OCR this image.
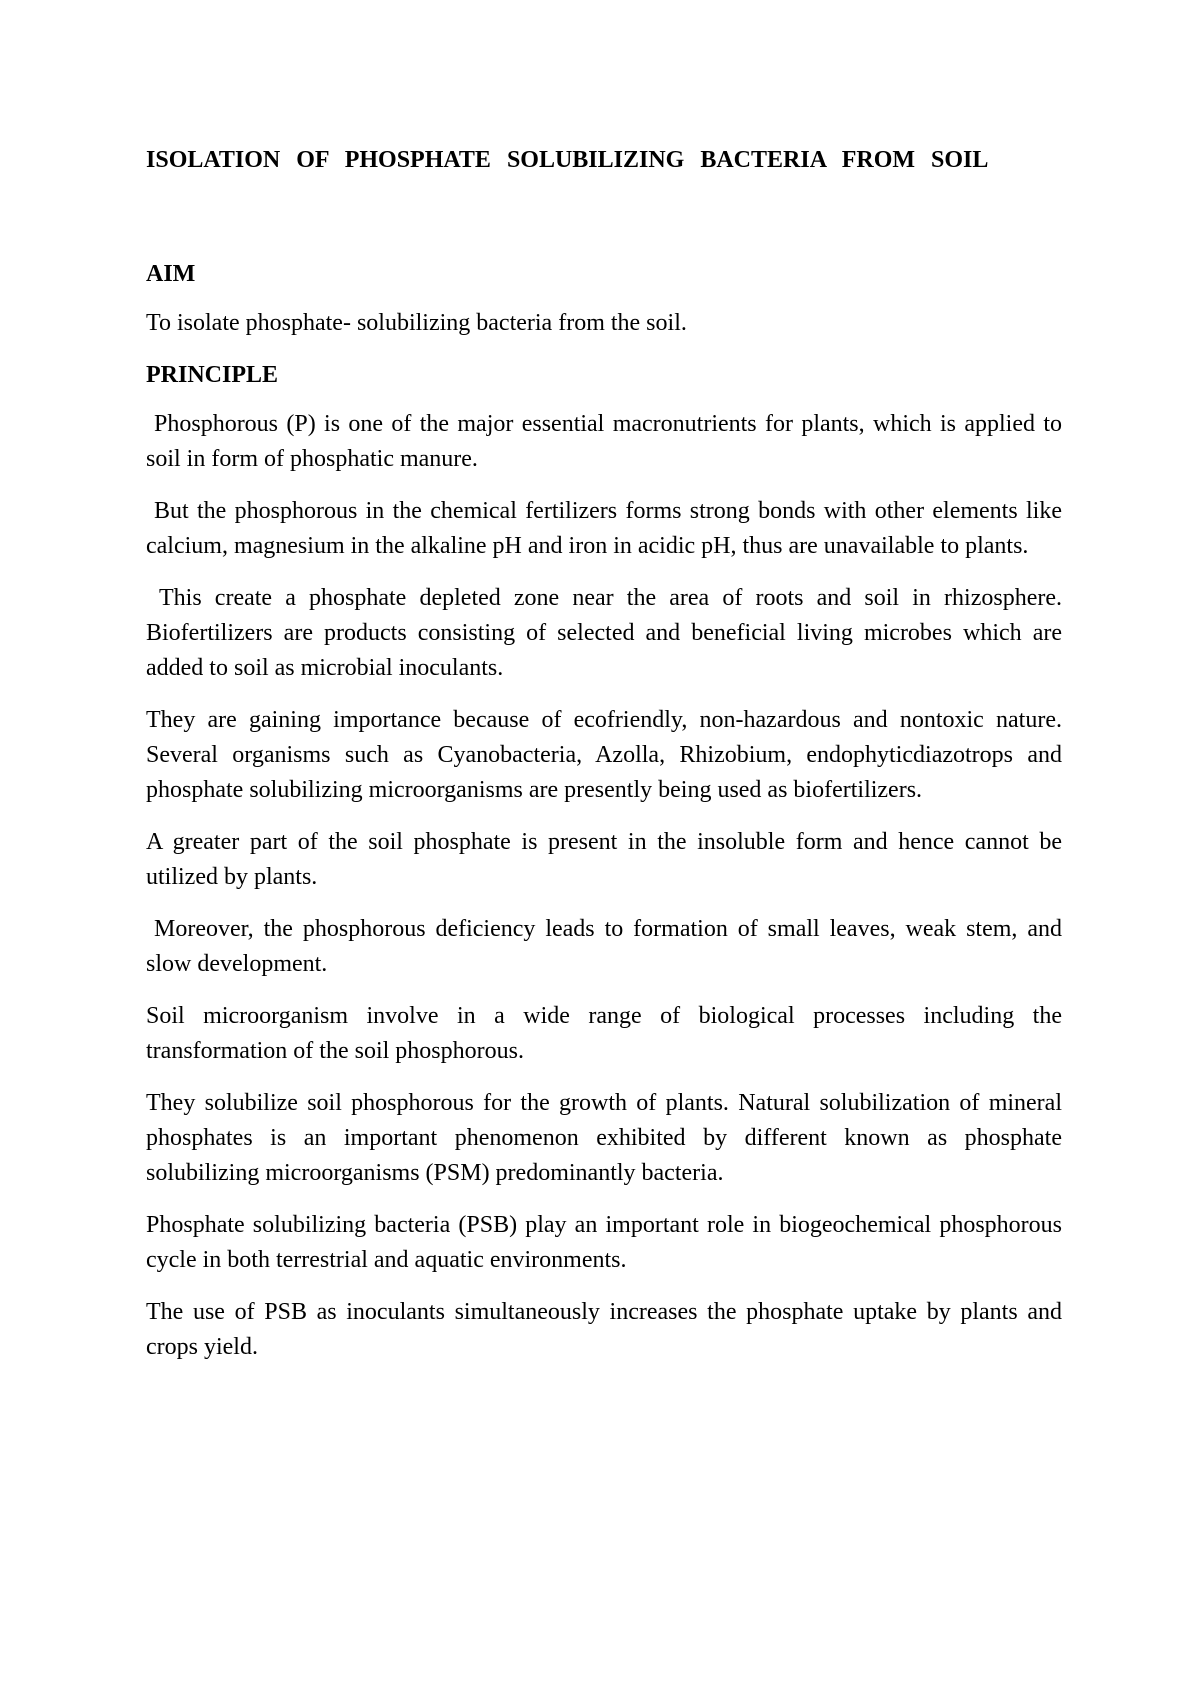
ISOLATION OF PHOSPHATE SOLUBILIZING BACTERIA FROM SOIL
AIM

To isolate phosphate- solubilizing bacteria from the soil.

PRINCIPLE

Phosphorous (P) is one of the major essential macronutrients for plants, which is applied to soil in form of phosphatic manure.

But the phosphorous in the chemical fertilizers forms strong bonds with other elements like calcium, magnesium in the alkaline pH and iron in acidic pH, thus are unavailable to plants.

This create a phosphate depleted zone near the area of roots and soil in rhizosphere. Biofertilizers are products consisting of selected and beneficial living microbes which are added to soil as microbial inoculants.

They are gaining importance because of ecofriendly, non-hazardous and nontoxic nature. Several organisms such as Cyanobacteria, Azolla, Rhizobium, endophyticdiazotrops and phosphate solubilizing microorganisms are presently being used as biofertilizers.

A greater part of the soil phosphate is present in the insoluble form and hence cannot be utilized by plants.

Moreover, the phosphorous deficiency leads to formation of small leaves, weak stem, and slow development.

Soil microorganism involve in a wide range of biological processes including the transformation of the soil phosphorous.

They solubilize soil phosphorous for the growth of plants. Natural solubilization of mineral phosphates is an important phenomenon exhibited by different known as phosphate solubilizing microorganisms (PSM) predominantly bacteria.

Phosphate solubilizing bacteria (PSB) play an important role in biogeochemical phosphorous cycle in both terrestrial and aquatic environments.

The use of PSB as inoculants simultaneously increases the phosphate uptake by plants and crops yield.
